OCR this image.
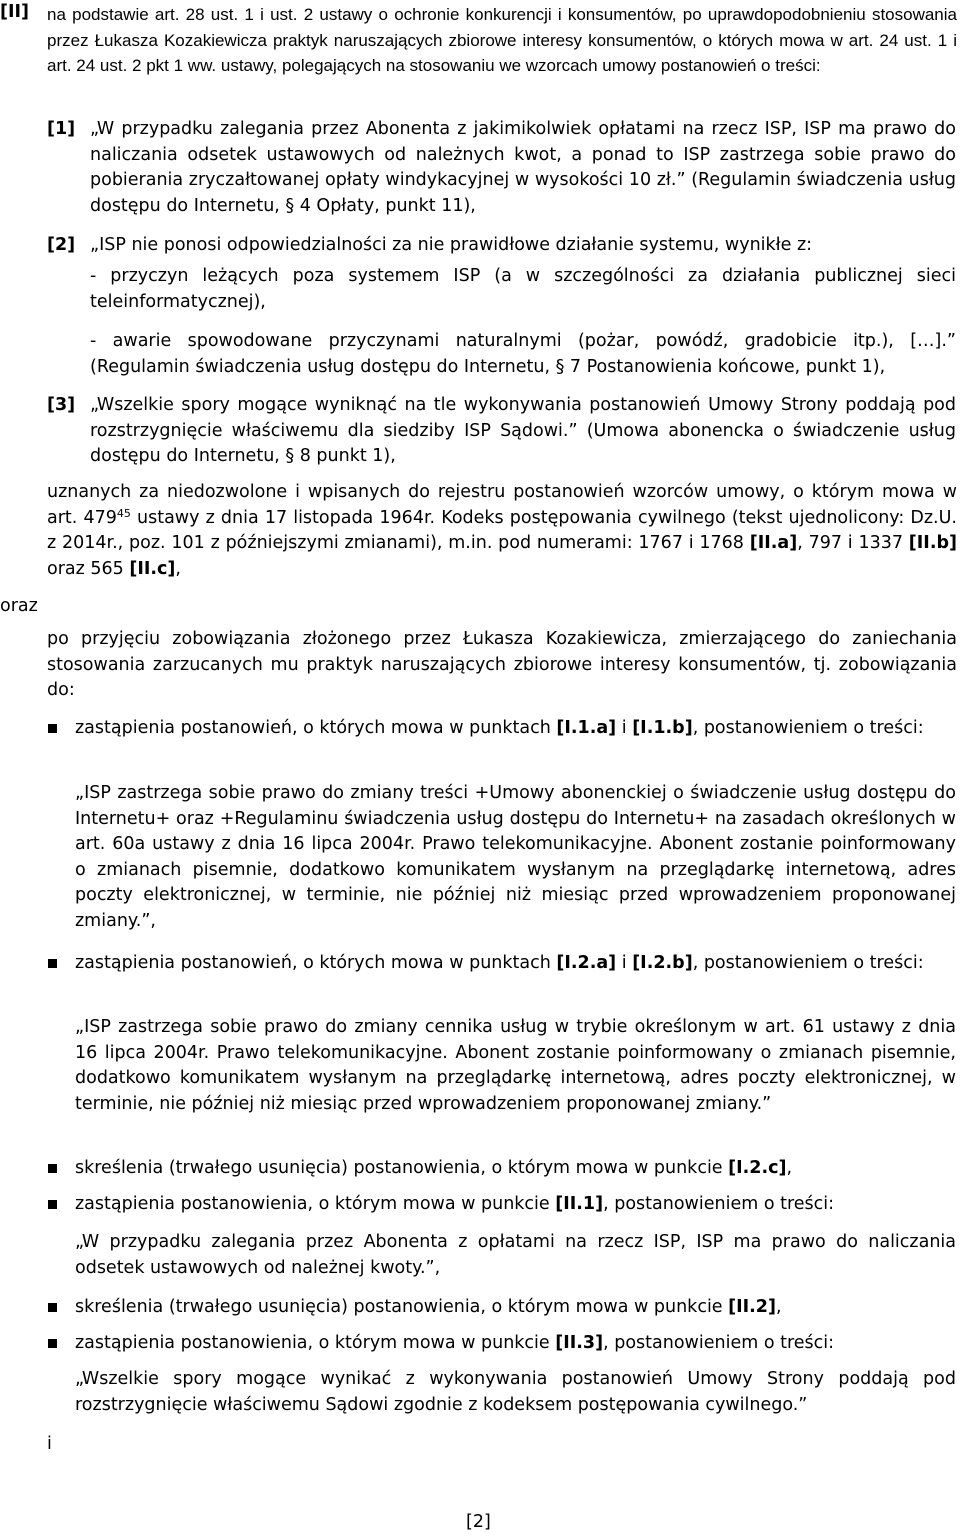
[II] na podstawie art. 28 ust. 1 i ust. 2 ustawy o ochronie konkurencji i konsumentów, po uprawdopodobnieniu stosowania przez Łukasza Kozakiewicza praktyk naruszających zbiorowe interesy konsumentów, o których mowa w art. 24 ust. 1 i art. 24 ust. 2 pkt 1 ww. ustawy, polegających na stosowaniu we wzorcach umowy postanowień o treści:

[1] „W przypadku zalegania przez Abonenta z jakimikolwiek opłatami na rzecz ISP, ISP ma prawo do naliczania odsetek ustawowych od należnych kwot, a ponad to ISP zastrzega sobie prawo do pobierania zryczałtowanej opłaty windykacyjnej w wysokości 10 zł.” (Regulamin świadczenia usług dostępu do Internetu, § 4 Opłaty, punkt 11),

[2] „ISP nie ponosi odpowiedzialności za nie prawidłowe działanie systemu, wynikłe z:

- przyczyn leżących poza systemem ISP (a w szczególności za działania publicznej sieci teleinformatycznej),

- awarie spowodowane przyczynami naturalnymi (pożar, powódź, gradobicie itp.), […].” (Regulamin świadczenia usług dostępu do Internetu, § 7 Postanowienia końcowe, punkt 1),

[3] „Wszelkie spory mogące wyniknąć na tle wykonywania postanowień Umowy Strony poddają pod rozstrzygnięcie właściwemu dla siedziby ISP Sądowi.” (Umowa abonencka o świadczenie usług dostępu do Internetu, § 8 punkt 1),

uznanych za niedozwolone i wpisanych do rejestru postanowień wzorców umowy, o którym mowa w art. $479^{45}$ ustawy z dnia 17 listopada 1964r. Kodeks postępowania cywilnego (tekst ujednolicony: Dz.U. z 2014r., poz. 101 z późniejszymi zmianami), m.in. pod numerami: 1767 i 1768 [II.a], 797 i 1337 [II.b] oraz 565 [II.c],

oraz

po przyjęciu zobowiązania złożonego przez Łukasza Kozakiewicza, zmierzającego do zaniechania stosowania zarzucanych mu praktyk naruszających zbiorowe interesy konsumentów, tj. zobowiązania do:

zastąpienia postanowień, o których mowa w punktach [I.1.a] i [I.1.b], postanowieniem o treści:

„ISP zastrzega sobie prawo do zmiany treści +Umowy abonenckiej o świadczenie usług dostępu do Internetu+ oraz +Regulaminu świadczenia usług dostępu do Internetu+ na zasadach określonych w art. 60a ustawy z dnia 16 lipca 2004r. Prawo telekomunikacyjne. Abonent zostanie poinformowany o zmianach pisemnie, dodatkowo komunikatem wysłanym na przeglądarkę internetową, adres poczty elektronicznej, w terminie, nie później niż miesiąc przed wprowadzeniem proponowanej zmiany.”,

zastąpienia postanowień, o których mowa w punktach [I.2.a] i [I.2.b], postanowieniem o treści:

„ISP zastrzega sobie prawo do zmiany cennika usług w trybie określonym w art. 61 ustawy z dnia 16 lipca 2004r. Prawo telekomunikacyjne. Abonent zostanie poinformowany o zmianach pisemnie, dodatkowo komunikatem wysłanym na przeglądarkę internetową, adres poczty elektronicznej, w terminie, nie później niż miesiąc przed wprowadzeniem proponowanej zmiany.”

skreślenia (trwałego usunięcia) postanowienia, o którym mowa w punkcie [I.2.c],

zastąpienia postanowienia, o którym mowa w punkcie [II.1], postanowieniem o treści:

„W przypadku zalegania przez Abonenta z opłatami na rzecz ISP, ISP ma prawo do naliczania odsetek ustawowych od należnej kwoty.”,

skreślenia (trwałego usunięcia) postanowienia, o którym mowa w punkcie [II.2],

zastąpienia postanowienia, o którym mowa w punkcie [II.3], postanowieniem o treści:

„Wszelkie spory mogące wynikać z wykonywania postanowień Umowy Strony poddają pod rozstrzygnięcie właściwemu Sądowi zgodnie z kodeksem postępowania cywilnego.”

i
[2]
